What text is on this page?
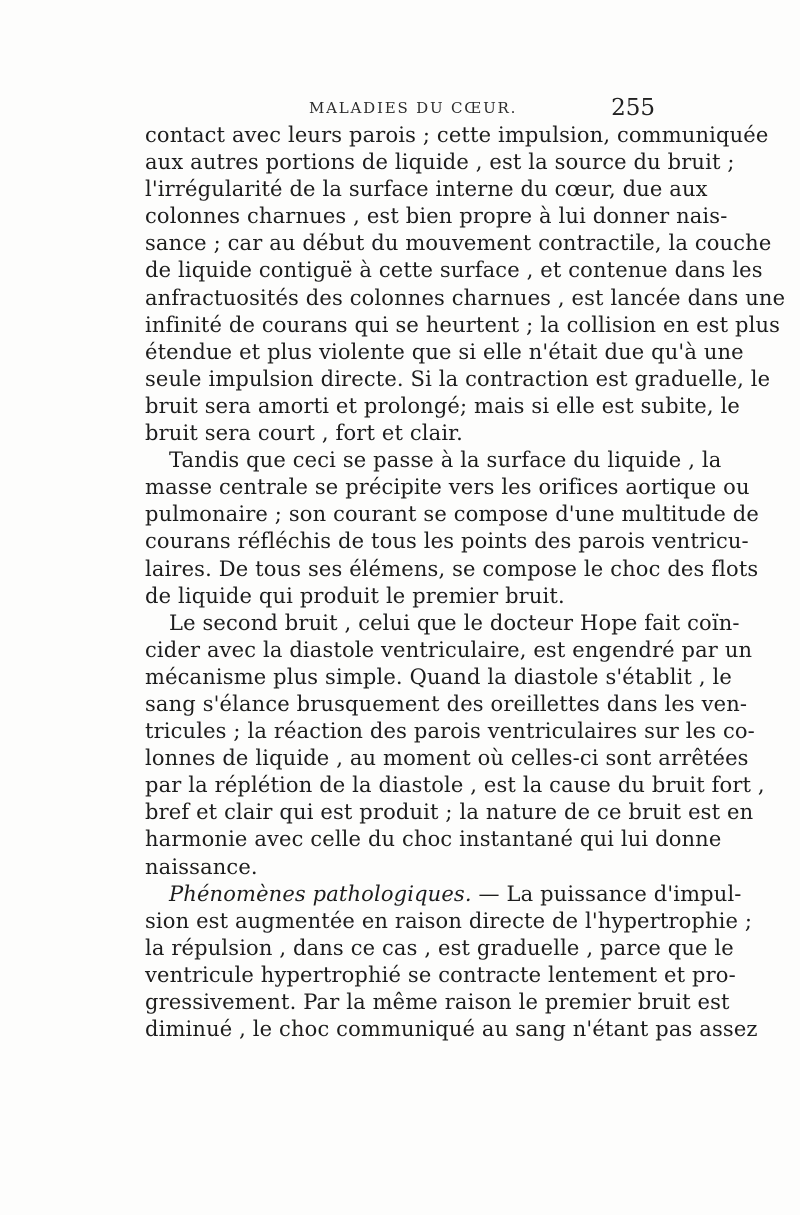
MALADIES DU CŒUR.	255
contact avec leurs parois ; cette impulsion, communiquée
aux autres portions de liquide , est la source du bruit ;
l'irrégularité de la surface interne du cœur, due aux
colonnes charnues , est bien propre à lui donner nais-
sance ; car au début du mouvement contractile, la couche
de liquide contiguë à cette surface , et contenue dans les
anfractuosités des colonnes charnues , est lancée dans une
infinité de courans qui se heurtent ; la collision en est plus
étendue et plus violente que si elle n'était due qu'à une
seule impulsion directe. Si la contraction est graduelle, le
bruit sera amorti et prolongé; mais si elle est subite, le
bruit sera court , fort et clair.
Tandis que ceci se passe à la surface du liquide , la
masse centrale se précipite vers les orifices aortique ou
pulmonaire ; son courant se compose d'une multitude de
courans réfléchis de tous les points des parois ventricu-
laires. De tous ses élémens, se compose le choc des flots
de liquide qui produit le premier bruit.
Le second bruit , celui que le docteur Hope fait coïn-
cider avec la diastole ventriculaire, est engendré par un
mécanisme plus simple. Quand la diastole s'établit , le
sang s'élance brusquement des oreillettes dans les ven-
tricules ; la réaction des parois ventriculaires sur les co-
lonnes de liquide , au moment où celles-ci sont arrêtées
par la réplétion de la diastole , est la cause du bruit fort ,
bref et clair qui est produit ; la nature de ce bruit est en
harmonie avec celle du choc instantané qui lui donne
naissance.
Phénomènes pathologiques. — La puissance d'impul-
sion est augmentée en raison directe de l'hypertrophie ;
la répulsion , dans ce cas , est graduelle , parce que le
ventricule hypertrophié se contracte lentement et pro-
gressivement. Par la même raison le premier bruit est
diminué , le choc communiqué au sang n'étant pas assez
